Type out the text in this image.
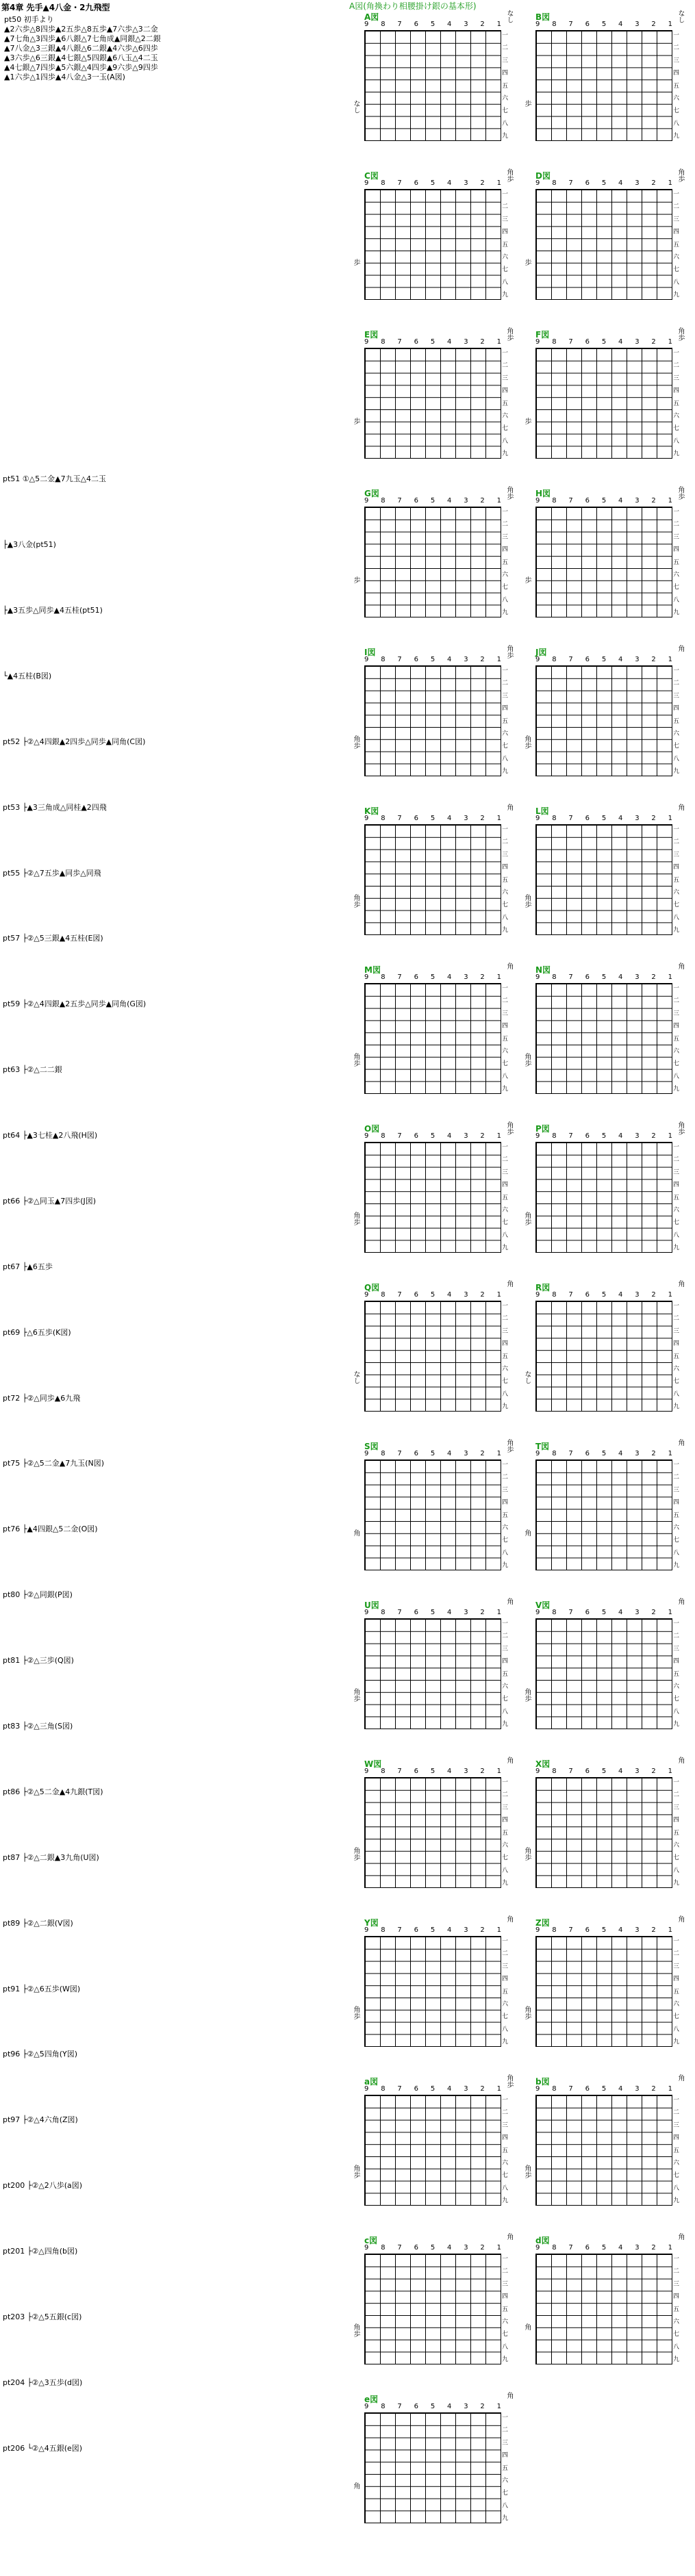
第4章 先手▲4八金・2九飛型
pt50 初手より
▲2六歩△8四歩▲2五歩△8五歩▲7六歩△3二金
▲7七角△3四歩▲6八銀△7七角成▲同銀△2二銀
▲7八金△3三銀▲4八銀△6二銀▲4六歩△6四歩
▲3六歩△6三銀▲4七銀△5四銀▲6八玉△4二玉
▲4七銀△7四歩▲5六銀△4四歩▲9六歩△9四歩
▲1六歩△1四歩▲4八金△3一玉(A図)
pt51 ①△5二金▲7九玉△4二玉
├▲3八金(pt51)
├▲3五歩△同歩▲4五桂(pt51)
└▲4五桂(B図)
pt52 ├②△4四銀▲2四歩△同歩▲同角(C図)
pt53 ├▲3三角成△同桂▲2四飛
pt55 ├②△7五歩▲同歩△同飛
pt57 ├②△5三銀▲4五桂(E図)
pt59 ├②△4四銀▲2五歩△同歩▲同角(G図)
pt63 ├②△二二銀
pt64 ├▲3七桂▲2八飛(H図)
pt66 ├②△同玉▲7四歩(J図)
pt67 ├▲6五歩
pt69 ├△6五歩(K図)
pt72 ├②△同歩▲6九飛
pt75 ├②△5二金▲7九玉(N図)
pt76 ├▲4四銀△5二金(O図)
pt80 ├②△同銀(P図)
pt81 ├②△三歩(Q図)
pt83 ├②△三角(S図)
pt86 ├②△5二金▲4九銀(T図)
pt87 ├②△二銀▲3九角(U図)
pt89 ├②△二銀(V図)
pt91 ├②△6五歩(W図)
pt96 ├②△5四角(Y図)
pt97 ├②△4六角(Z図)
pt200 ├②△2八歩(a図)
pt201 ├②△四角(b図)
pt203 ├②△5五銀(c図)
pt204 ├②△3五歩(d図)
pt206 └②△4五銀(e図)
A図(角換わり相腰掛け銀の基本形)
A図
9 8 7 6 5 4 3 2 1
一
二
三
四
五
六
七
八
九
なし
なし
B図
9 8 7 6 5 4 3 2 1
一
二
三
四
五
六
七
八
九
なし
歩
C図
9 8 7 6 5 4 3 2 1
一
二
三
四
五
六
七
八
九
角歩
歩
D図
9 8 7 6 5 4 3 2 1
一
二
三
四
五
六
七
八
九
角歩
歩
E図
9 8 7 6 5 4 3 2 1
一
二
三
四
五
六
七
八
九
角歩
歩
F図
9 8 7 6 5 4 3 2 1
一
二
三
四
五
六
七
八
九
角歩
歩
G図
9 8 7 6 5 4 3 2 1
一
二
三
四
五
六
七
八
九
角歩
歩
H図
9 8 7 6 5 4 3 2 1
一
二
三
四
五
六
七
八
九
角歩
歩
I図
9 8 7 6 5 4 3 2 1
一
二
三
四
五
六
七
八
九
角歩
角歩
J図
9 8 7 6 5 4 3 2 1
一
二
三
四
五
六
七
八
九
角
角歩
K図
9 8 7 6 5 4 3 2 1
一
二
三
四
五
六
七
八
九
角
角歩
L図
9 8 7 6 5 4 3 2 1
一
二
三
四
五
六
七
八
九
角
角歩
M図
9 8 7 6 5 4 3 2 1
一
二
三
四
五
六
七
八
九
角
角歩
N図
9 8 7 6 5 4 3 2 1
一
二
三
四
五
六
七
八
九
角
角歩
O図
9 8 7 6 5 4 3 2 1
一
二
三
四
五
六
七
八
九
角歩
角歩
P図
9 8 7 6 5 4 3 2 1
一
二
三
四
五
六
七
八
九
角歩
角歩
Q図
9 8 7 6 5 4 3 2 1
一
二
三
四
五
六
七
八
九
角
なし
R図
9 8 7 6 5 4 3 2 1
一
二
三
四
五
六
七
八
九
角
なし
S図
9 8 7 6 5 4 3 2 1
一
二
三
四
五
六
七
八
九
角歩
角
T図
9 8 7 6 5 4 3 2 1
一
二
三
四
五
六
七
八
九
角
角
U図
9 8 7 6 5 4 3 2 1
一
二
三
四
五
六
七
八
九
角
角歩
V図
9 8 7 6 5 4 3 2 1
一
二
三
四
五
六
七
八
九
角
角歩
W図
9 8 7 6 5 4 3 2 1
一
二
三
四
五
六
七
八
九
角
角歩
X図
9 8 7 6 5 4 3 2 1
一
二
三
四
五
六
七
八
九
角
角歩
Y図
9 8 7 6 5 4 3 2 1
一
二
三
四
五
六
七
八
九
角
角歩
Z図
9 8 7 6 5 4 3 2 1
一
二
三
四
五
六
七
八
九
角
角歩
a図
9 8 7 6 5 4 3 2 1
一
二
三
四
五
六
七
八
九
角歩
角歩
b図
9 8 7 6 5 4 3 2 1
一
二
三
四
五
六
七
八
九
角
角歩
c図
9 8 7 6 5 4 3 2 1
一
二
三
四
五
六
七
八
九
角
角歩
d図
9 8 7 6 5 4 3 2 1
一
二
三
四
五
六
七
八
九
角
角
e図
9 8 7 6 5 4 3 2 1
一
二
三
四
五
六
七
八
九
角
角
